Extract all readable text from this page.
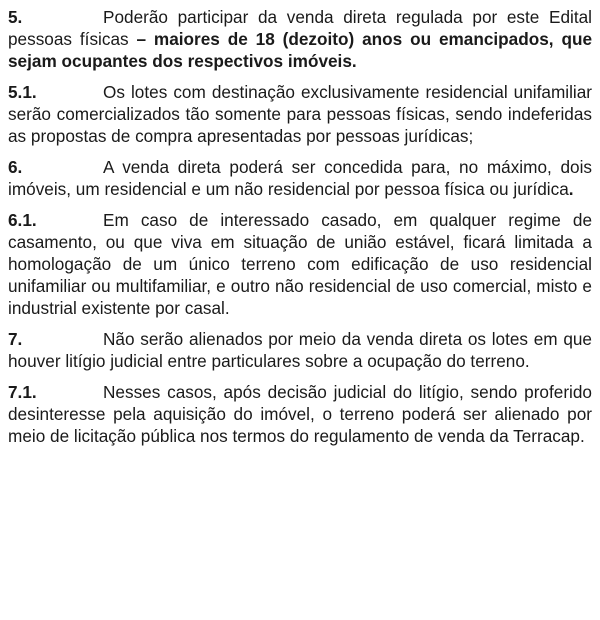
5.	Poderão participar da venda direta regulada por este Edital pessoas físicas – maiores de 18 (dezoito) anos ou emancipados, que sejam ocupantes dos respectivos imóveis.

5.1.	Os lotes com destinação exclusivamente residencial unifamiliar serão comercializados tão somente para pessoas físicas, sendo indeferidas as propostas de compra apresentadas por pessoas jurídicas;

6.	A venda direta poderá ser concedida para, no máximo, dois imóveis, um residencial e um não residencial por pessoa física ou jurídica.

6.1.	Em caso de interessado casado, em qualquer regime de casamento, ou que viva em situação de união estável, ficará limitada a homologação de um único terreno com edificação de uso residencial unifamiliar ou multifamiliar, e outro não residencial de uso comercial, misto e industrial existente por casal.

7.	Não serão alienados por meio da venda direta os lotes em que houver litígio judicial entre particulares sobre a ocupação do terreno.

7.1.	Nesses casos, após decisão judicial do litígio, sendo proferido desinteresse pela aquisição do imóvel, o terreno poderá ser alienado por meio de licitação pública nos termos do regulamento de venda da Terracap.
